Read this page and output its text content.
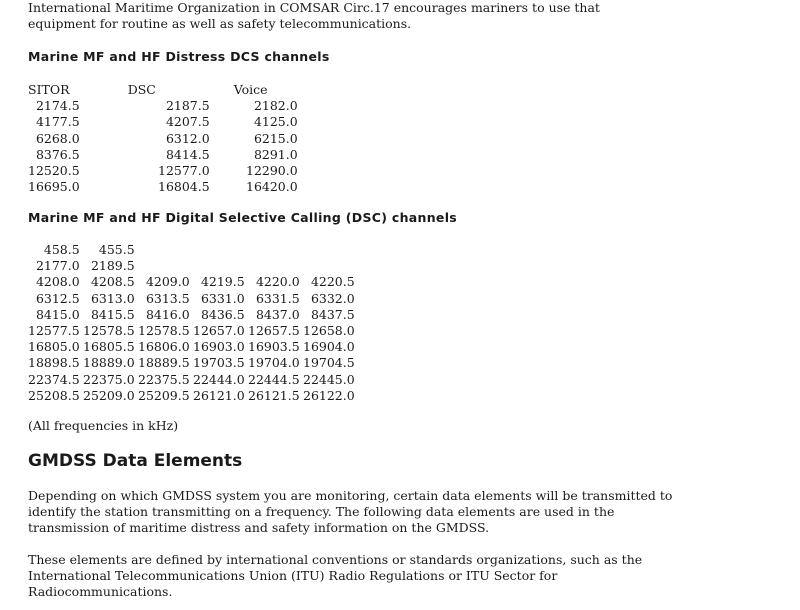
International Maritime Organization in COMSAR Circ.17 encourages mariners to use that

equipment for routine as well as safety telecommunications.

Marine MF and HF Distress DCS channels
SITOR	DSC	Voice
2174.5	2187.5	2182.0
4177.5	4207.5	4125.0
6268.0	6312.0	6215.0
8376.5	8414.5	8291.0
12520.5	12577.0	12290.0
16695.0	16804.5	16420.0
Marine MF and HF Digital Selective Calling (DSC) channels
458.5	455.5				
2177.0	2189.5				
4208.0	4208.5	4209.0	4219.5	4220.0	4220.5
6312.5	6313.0	6313.5	6331.0	6331.5	6332.0
8415.0	8415.5	8416.0	8436.5	8437.0	8437.5
12577.5	12578.5	12578.5	12657.0	12657.5	12658.0
16805.0	16805.5	16806.0	16903.0	16903.5	16904.0
18898.5	18889.0	18889.5	19703.5	19704.0	19704.5
22374.5	22375.0	22375.5	22444.0	22444.5	22445.0
25208.5	25209.0	25209.5	26121.0	26121.5	26122.0

(All frequencies in kHz)

GMDSS Data Elements

Depending on which GMDSS system you are monitoring, certain data elements will be transmitted to

identify the station transmitting on a frequency. The following data elements are used in the

transmission of maritime distress and safety information on the GMDSS.

These elements are defined by international conventions or standards organizations, such as the

International Telecommunications Union (ITU) Radio Regulations or ITU Sector for

Radiocommunications.
